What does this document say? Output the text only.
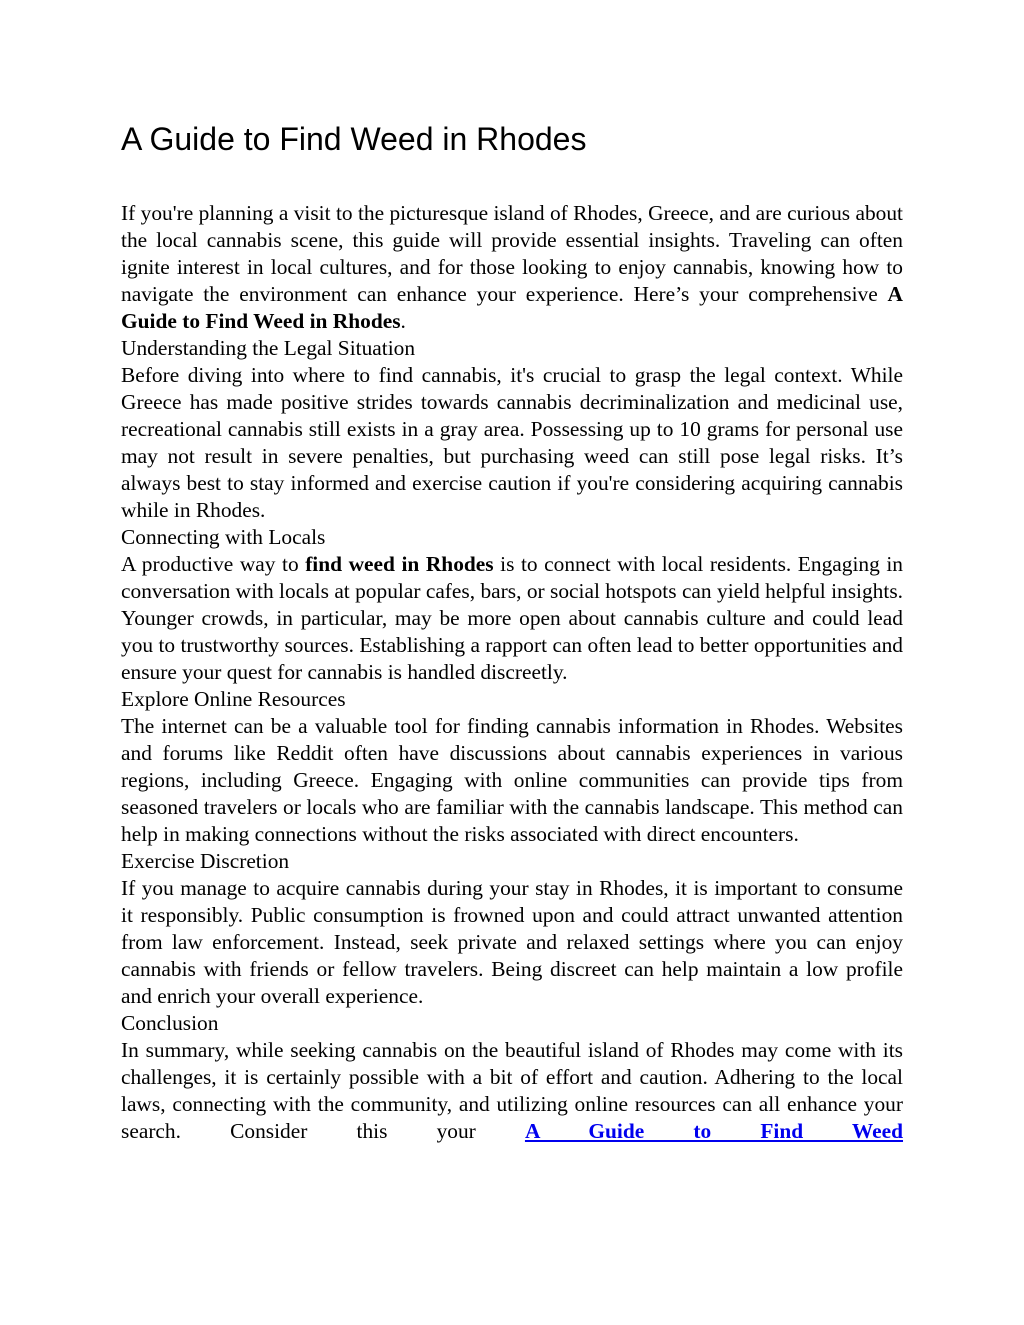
A Guide to Find Weed in Rhodes

If you're planning a visit to the picturesque island of Rhodes, Greece, and are curious about the local cannabis scene, this guide will provide essential insights. Traveling can often ignite interest in local cultures, and for those looking to enjoy cannabis, knowing how to navigate the environment can enhance your experience. Here’s your comprehensive A Guide to Find Weed in Rhodes.

Understanding the Legal Situation

Before diving into where to find cannabis, it's crucial to grasp the legal context. While Greece has made positive strides towards cannabis decriminalization and medicinal use, recreational cannabis still exists in a gray area. Possessing up to 10 grams for personal use may not result in severe penalties, but purchasing weed can still pose legal risks. It’s always best to stay informed and exercise caution if you're considering acquiring cannabis while in Rhodes.

Connecting with Locals

A productive way to find weed in Rhodes is to connect with local residents. Engaging in conversation with locals at popular cafes, bars, or social hotspots can yield helpful insights. Younger crowds, in particular, may be more open about cannabis culture and could lead you to trustworthy sources. Establishing a rapport can often lead to better opportunities and ensure your quest for cannabis is handled discreetly.

Explore Online Resources

The internet can be a valuable tool for finding cannabis information in Rhodes. Websites and forums like Reddit often have discussions about cannabis experiences in various regions, including Greece. Engaging with online communities can provide tips from seasoned travelers or locals who are familiar with the cannabis landscape. This method can help in making connections without the risks associated with direct encounters.

Exercise Discretion

If you manage to acquire cannabis during your stay in Rhodes, it is important to consume it responsibly. Public consumption is frowned upon and could attract unwanted attention from law enforcement. Instead, seek private and relaxed settings where you can enjoy cannabis with friends or fellow travelers. Being discreet can help maintain a low profile and enrich your overall experience.

Conclusion

In summary, while seeking cannabis on the beautiful island of Rhodes may come with its challenges, it is certainly possible with a bit of effort and caution. Adhering to the local laws, connecting with the community, and utilizing online resources can all enhance your search. Consider this your A Guide to Find Weed
